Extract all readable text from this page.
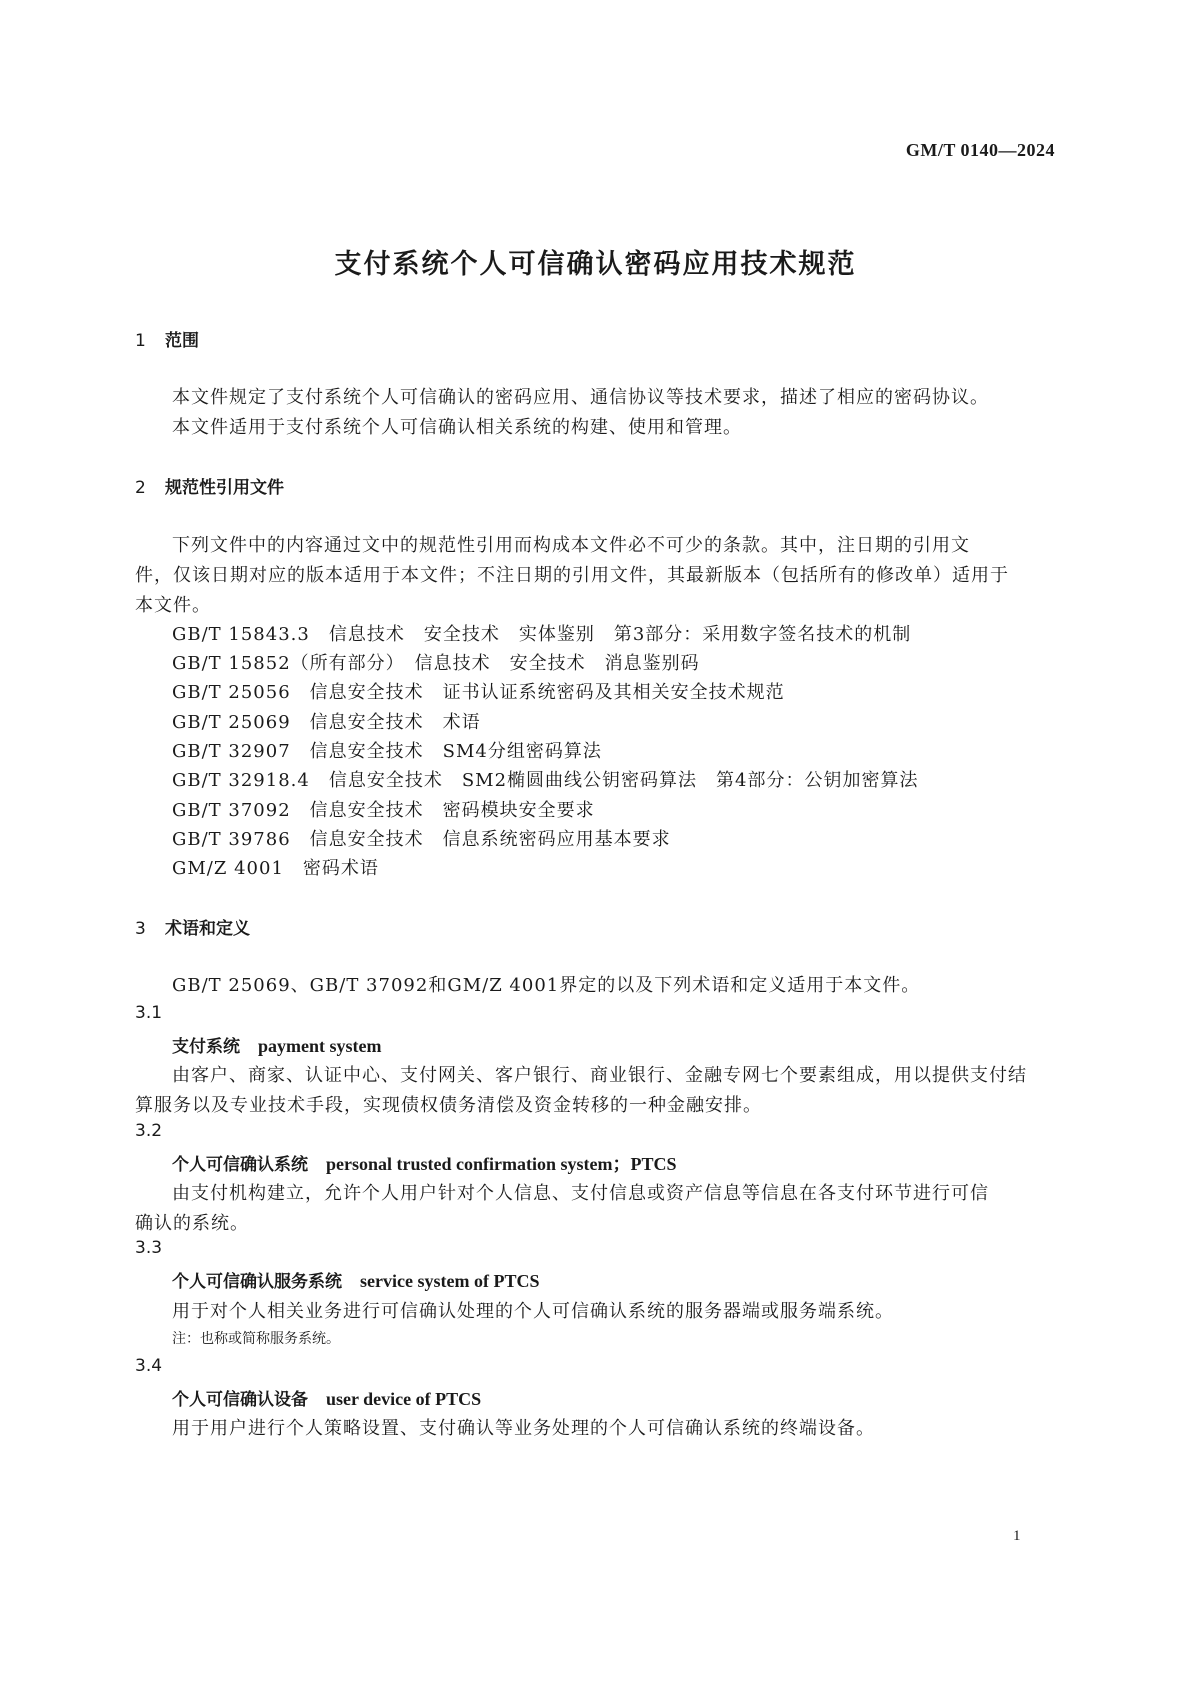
GM/T 0140—2024
支付系统个人可信确认密码应用技术规范
1 范围
本文件规定了支付系统个人可信确认的密码应用、通信协议等技术要求，描述了相应的密码协议。
本文件适用于支付系统个人可信确认相关系统的构建、使用和管理。
2 规范性引用文件
下列文件中的内容通过文中的规范性引用而构成本文件必不可少的条款。其中，注日期的引用文
件，仅该日期对应的版本适用于本文件；不注日期的引用文件，其最新版本（包括所有的修改单）适用于
本文件。
GB/T 15843.3　信息技术　安全技术　实体鉴别　第3部分：采用数字签名技术的机制
GB/T 15852（所有部分）　信息技术　安全技术　消息鉴别码
GB/T 25056　信息安全技术　证书认证系统密码及其相关安全技术规范
GB/T 25069　信息安全技术　术语
GB/T 32907　信息安全技术　SM4分组密码算法
GB/T 32918.4　信息安全技术　SM2椭圆曲线公钥密码算法　第4部分：公钥加密算法
GB/T 37092　信息安全技术　密码模块安全要求
GB/T 39786　信息安全技术　信息系统密码应用基本要求
GM/Z 4001　密码术语
3 术语和定义
GB/T 25069、GB/T 37092和GM/Z 4001界定的以及下列术语和定义适用于本文件。
3.1
支付系统 payment system
由客户、商家、认证中心、支付网关、客户银行、商业银行、金融专网七个要素组成，用以提供支付结
算服务以及专业技术手段，实现债权债务清偿及资金转移的一种金融安排。
3.2
个人可信确认系统 personal trusted confirmation system；PTCS
由支付机构建立，允许个人用户针对个人信息、支付信息或资产信息等信息在各支付环节进行可信
确认的系统。
3.3
个人可信确认服务系统 service system of PTCS
用于对个人相关业务进行可信确认处理的个人可信确认系统的服务器端或服务端系统。
注：也称或简称服务系统。
3.4
个人可信确认设备 user device of PTCS
用于用户进行个人策略设置、支付确认等业务处理的个人可信确认系统的终端设备。
1
